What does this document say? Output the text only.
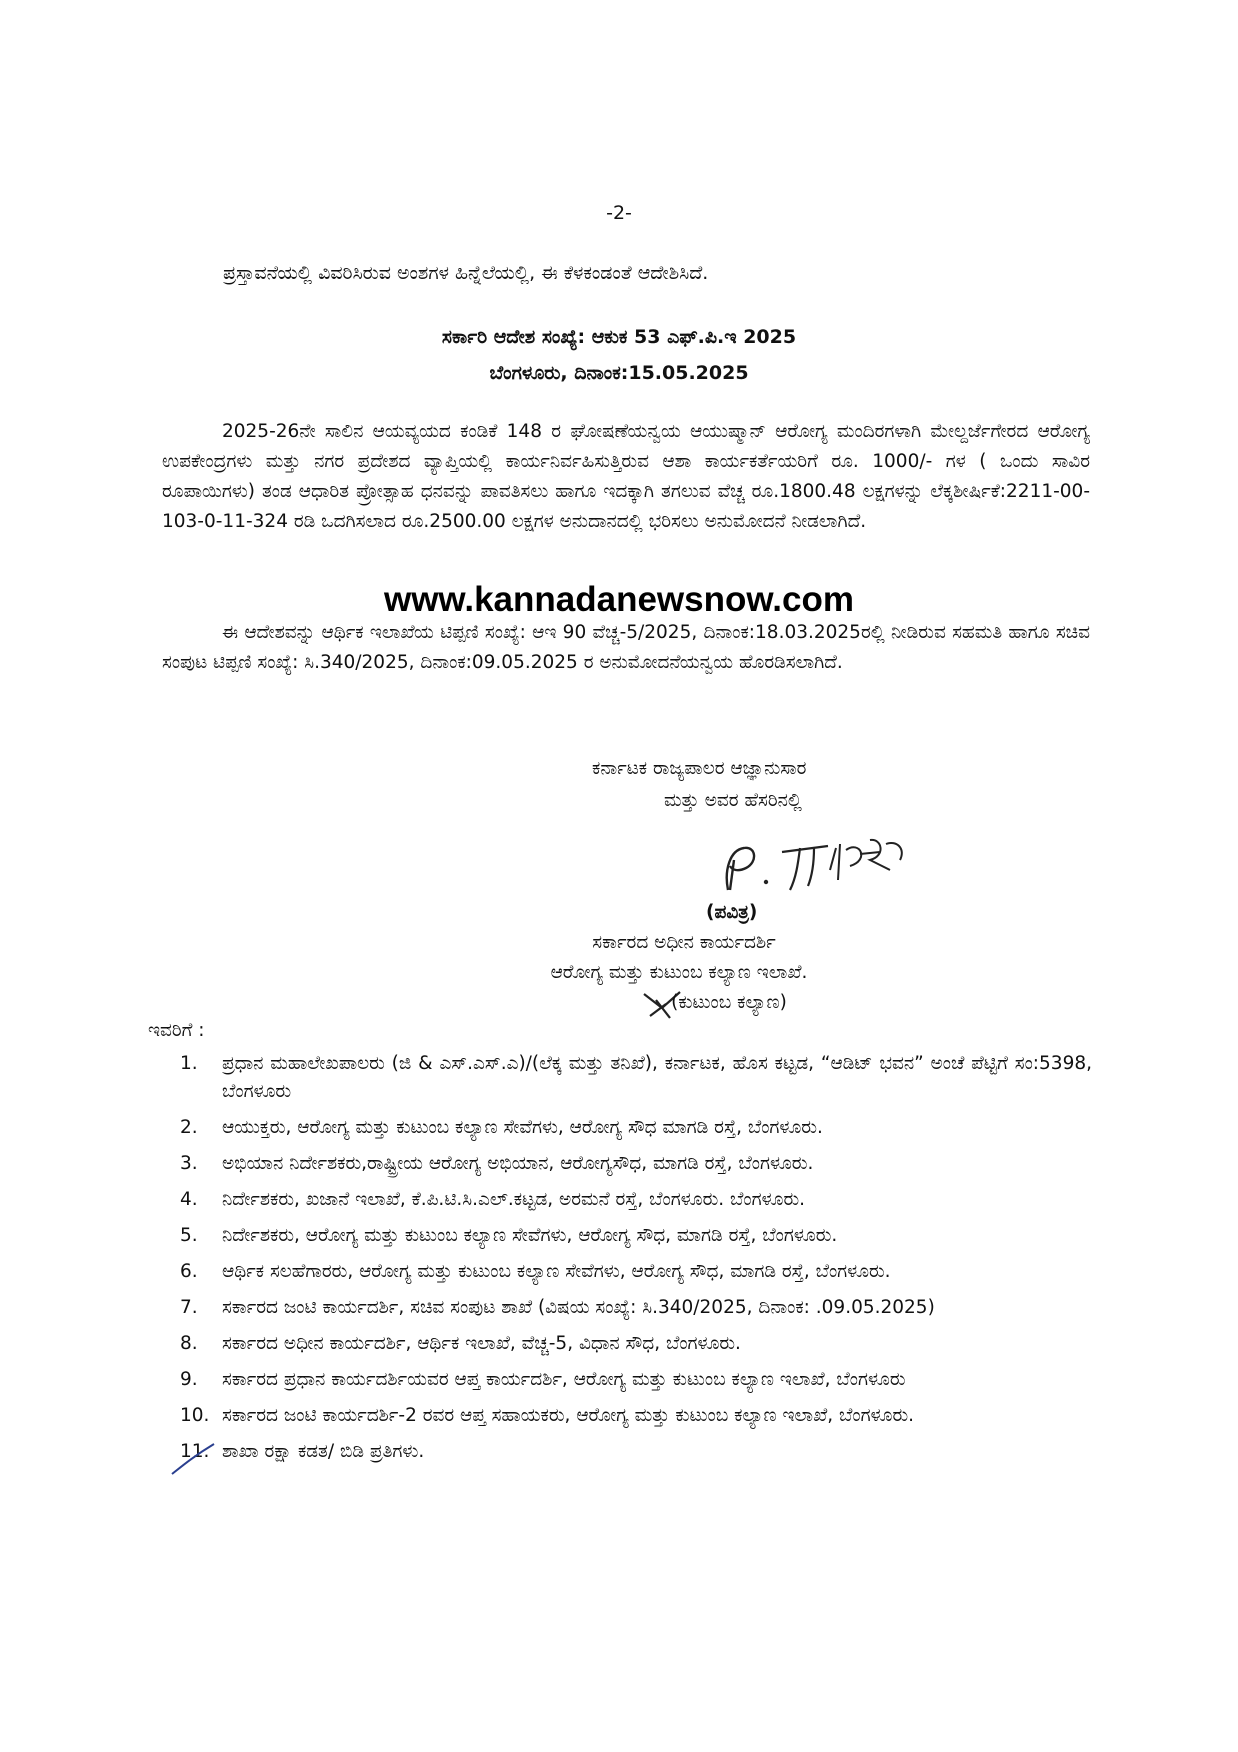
-2-
ಪ್ರಸ್ತಾವನೆಯಲ್ಲಿ ವಿವರಿಸಿರುವ ಅಂಶಗಳ ಹಿನ್ನೆಲೆಯಲ್ಲಿ, ಈ ಕೆಳಕಂಡಂತೆ ಆದೇಶಿಸಿದೆ.
ಸರ್ಕಾರಿ ಆದೇಶ ಸಂಖ್ಯೆ: ಆಕುಕ 53 ಎಫ್.ಪಿ.ಇ 2025
ಬೆಂಗಳೂರು, ದಿನಾಂಕ:15.05.2025
2025-26ನೇ ಸಾಲಿನ ಆಯವ್ಯಯದ ಕಂಡಿಕೆ 148 ರ ಘೋಷಣೆಯನ್ವಯ ಆಯುಷ್ಮಾನ್ ಆರೋಗ್ಯ ಮಂದಿರಗಳಾಗಿ ಮೇಲ್ದರ್ಜೆಗೇರದ ಆರೋಗ್ಯ ಉಪಕೇಂದ್ರಗಳು ಮತ್ತು ನಗರ ಪ್ರದೇಶದ ವ್ಯಾಪ್ತಿಯಲ್ಲಿ ಕಾರ್ಯನಿರ್ವಹಿಸುತ್ತಿರುವ ಆಶಾ ಕಾರ್ಯಕರ್ತೆಯರಿಗೆ ರೂ. 1000/- ಗಳ ( ಒಂದು ಸಾವಿರ ರೂಪಾಯಿಗಳು) ತಂಡ ಆಧಾರಿತ ಪ್ರೋತ್ಸಾಹ ಧನವನ್ನು ಪಾವತಿಸಲು ಹಾಗೂ ಇದಕ್ಕಾಗಿ ತಗಲುವ ವೆಚ್ಚ ರೂ.1800.48 ಲಕ್ಷಗಳನ್ನು ಲೆಕ್ಕಶೀರ್ಷಿಕೆ:2211-00-103-0-11-324 ರಡಿ ಒದಗಿಸಲಾದ ರೂ.2500.00 ಲಕ್ಷಗಳ ಅನುದಾನದಲ್ಲಿ ಭರಿಸಲು ಅನುಮೋದನೆ ನೀಡಲಾಗಿದೆ.
www.kannadanewsnow.com
ಈ ಆದೇಶವನ್ನು ಆರ್ಥಿಕ ಇಲಾಖೆಯ ಟಿಪ್ಪಣಿ ಸಂಖ್ಯೆ: ಆಇ 90 ವೆಚ್ಚ-5/2025, ದಿನಾಂಕ:18.03.2025ರಲ್ಲಿ ನೀಡಿರುವ ಸಹಮತಿ ಹಾಗೂ ಸಚಿವ ಸಂಪುಟ ಟಿಪ್ಪಣಿ ಸಂಖ್ಯೆ: ಸಿ.340/2025, ದಿನಾಂಕ:09.05.2025 ರ ಅನುಮೋದನೆಯನ್ವಯ ಹೊರಡಿಸಲಾಗಿದೆ.
ಕರ್ನಾಟಕ ರಾಜ್ಯಪಾಲರ ಆಜ್ಞಾನುಸಾರ
ಮತ್ತು ಅವರ ಹೆಸರಿನಲ್ಲಿ
(ಪವಿತ್ರ)
ಸರ್ಕಾರದ ಅಧೀನ ಕಾರ್ಯದರ್ಶಿ
ಆರೋಗ್ಯ ಮತ್ತು ಕುಟುಂಬ ಕಲ್ಯಾಣ ಇಲಾಖೆ.
(ಕುಟುಂಬ ಕಲ್ಯಾಣ)
ಇವರಿಗೆ :
1. ಪ್ರಧಾನ ಮಹಾಲೇಖಪಾಲರು (ಜಿ & ಎಸ್.ಎಸ್.ಎ)/(ಲೆಕ್ಕ ಮತ್ತು ತನಿಖೆ), ಕರ್ನಾಟಕ, ಹೊಸ ಕಟ್ಟಡ, “ಆಡಿಟ್ ಭವನ” ಅಂಚೆ ಪೆಟ್ಟಿಗೆ ಸಂ:5398, ಬೆಂಗಳೂರು
2. ಆಯುಕ್ತರು, ಆರೋಗ್ಯ ಮತ್ತು ಕುಟುಂಬ ಕಲ್ಯಾಣ ಸೇವೆಗಳು, ಆರೋಗ್ಯ ಸೌಧ ಮಾಗಡಿ ರಸ್ತೆ, ಬೆಂಗಳೂರು.
3. ಅಭಿಯಾನ ನಿರ್ದೇಶಕರು,ರಾಷ್ಟ್ರೀಯ ಆರೋಗ್ಯ ಅಭಿಯಾನ, ಆರೋಗ್ಯಸೌಧ, ಮಾಗಡಿ ರಸ್ತೆ, ಬೆಂಗಳೂರು.
4. ನಿರ್ದೇಶಕರು, ಖಜಾನೆ ಇಲಾಖೆ, ಕೆ.ಪಿ.ಟಿ.ಸಿ.ಎಲ್.ಕಟ್ಟಡ, ಅರಮನೆ ರಸ್ತೆ, ಬೆಂಗಳೂರು. ಬೆಂಗಳೂರು.
5. ನಿರ್ದೇಶಕರು, ಆರೋಗ್ಯ ಮತ್ತು ಕುಟುಂಬ ಕಲ್ಯಾಣ ಸೇವೆಗಳು, ಆರೋಗ್ಯ ಸೌಧ, ಮಾಗಡಿ ರಸ್ತೆ, ಬೆಂಗಳೂರು.
6. ಆರ್ಥಿಕ ಸಲಹೆಗಾರರು, ಆರೋಗ್ಯ ಮತ್ತು ಕುಟುಂಬ ಕಲ್ಯಾಣ ಸೇವೆಗಳು, ಆರೋಗ್ಯ ಸೌಧ, ಮಾಗಡಿ ರಸ್ತೆ, ಬೆಂಗಳೂರು.
7. ಸರ್ಕಾರದ ಜಂಟಿ ಕಾರ್ಯದರ್ಶಿ, ಸಚಿವ ಸಂಪುಟ ಶಾಖೆ (ವಿಷಯ ಸಂಖ್ಯೆ: ಸಿ.340/2025, ದಿನಾಂಕ: .09.05.2025)
8. ಸರ್ಕಾರದ ಅಧೀನ ಕಾರ್ಯದರ್ಶಿ, ಆರ್ಥಿಕ ಇಲಾಖೆ, ವೆಚ್ಚ-5, ವಿಧಾನ ಸೌಧ, ಬೆಂಗಳೂರು.
9. ಸರ್ಕಾರದ ಪ್ರಧಾನ ಕಾರ್ಯದರ್ಶಿಯವರ ಆಪ್ತ ಕಾರ್ಯದರ್ಶಿ, ಆರೋಗ್ಯ ಮತ್ತು ಕುಟುಂಬ ಕಲ್ಯಾಣ ಇಲಾಖೆ, ಬೆಂಗಳೂರು
10. ಸರ್ಕಾರದ ಜಂಟಿ ಕಾರ್ಯದರ್ಶಿ-2 ರವರ ಆಪ್ತ ಸಹಾಯಕರು, ಆರೋಗ್ಯ ಮತ್ತು ಕುಟುಂಬ ಕಲ್ಯಾಣ ಇಲಾಖೆ, ಬೆಂಗಳೂರು.
11. ಶಾಖಾ ರಕ್ಷಾ ಕಡತ/ ಬಿಡಿ ಪ್ರತಿಗಳು.
